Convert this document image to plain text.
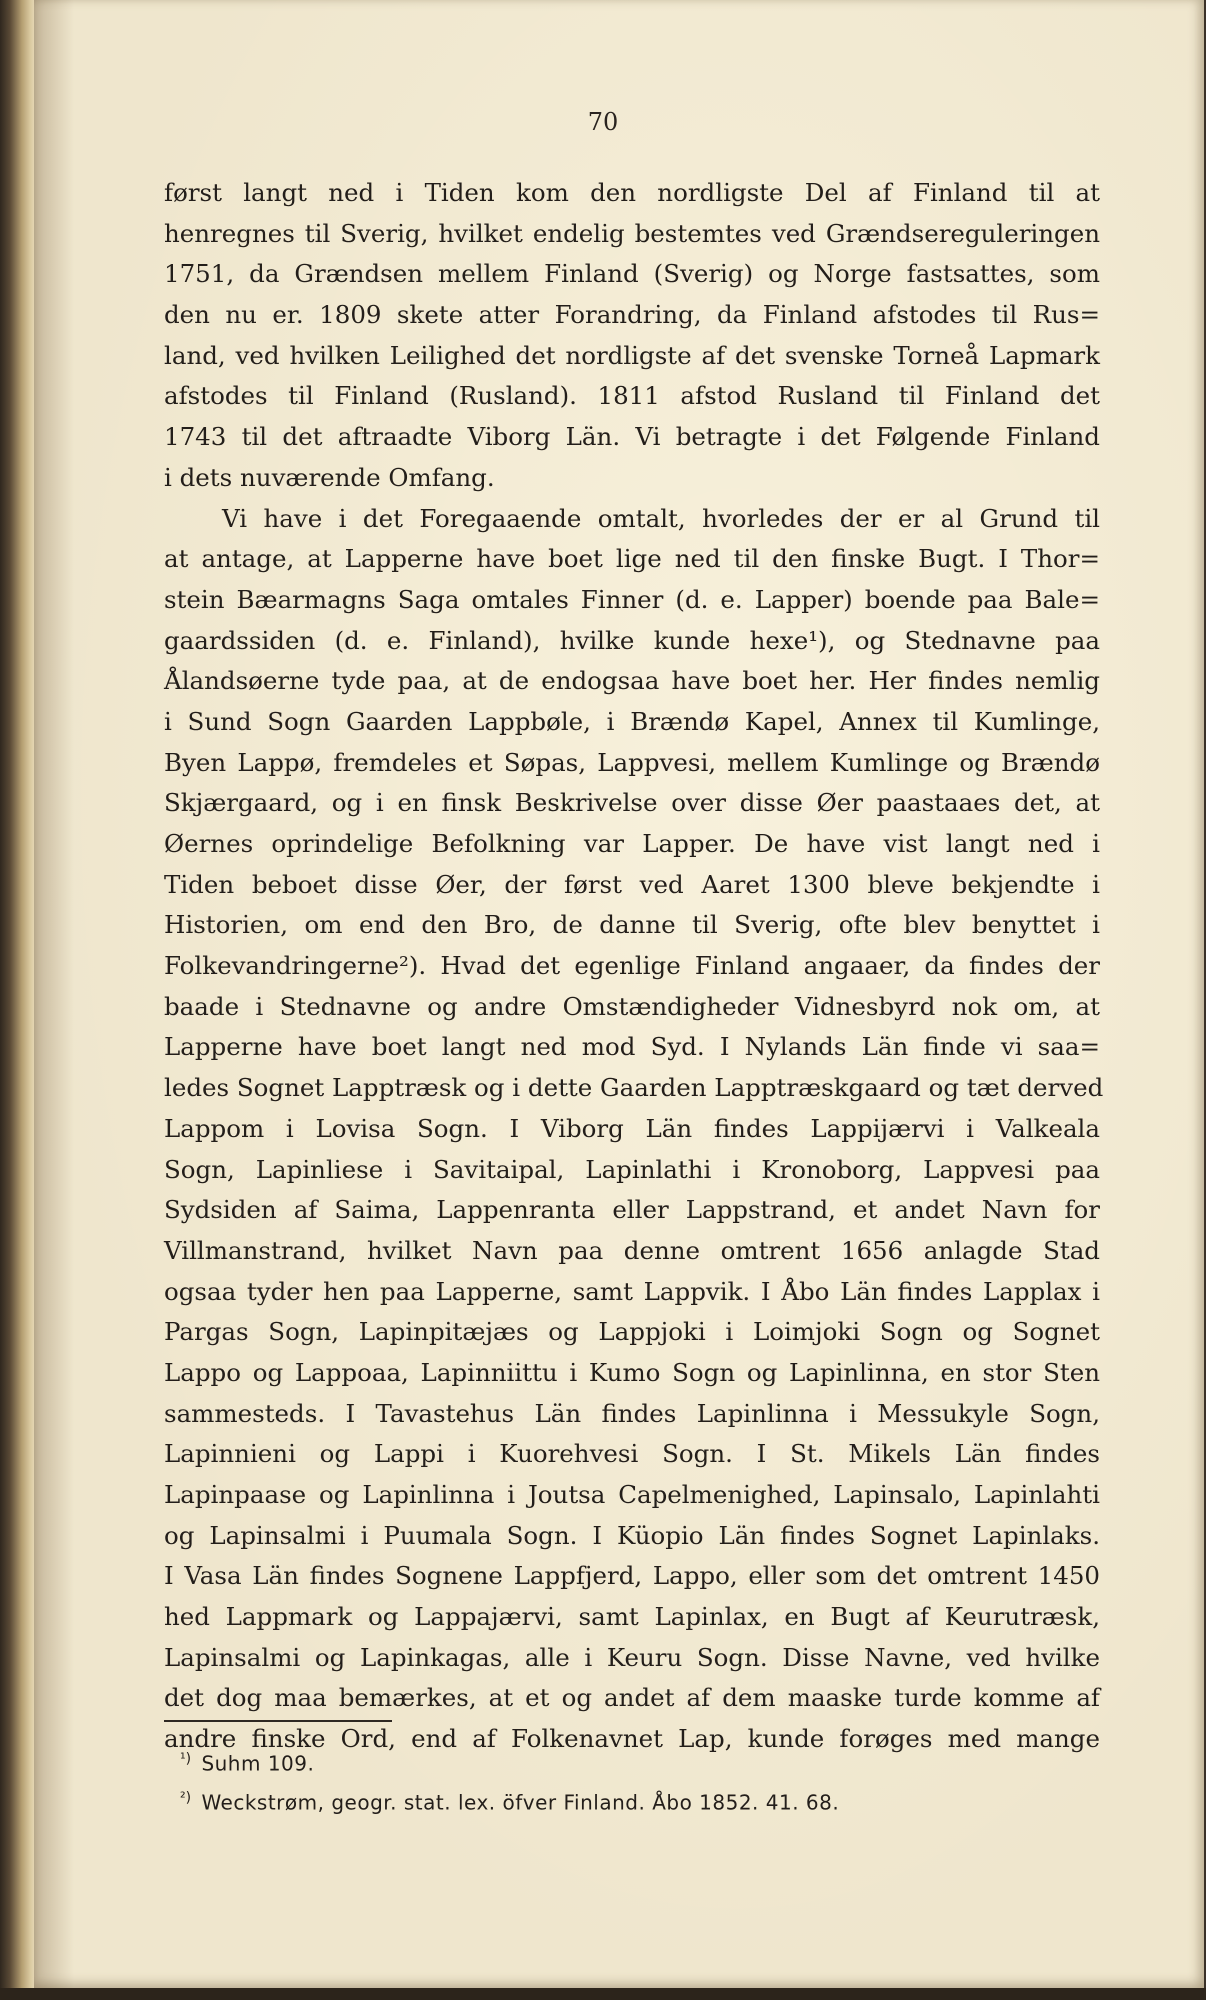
70
først langt ned i Tiden kom den nordligste Del af Finland til at
henregnes til Sverig, hvilket endelig bestemtes ved Grændsereguleringen
1751, da Grændsen mellem Finland (Sverig) og Norge fastsattes, som
den nu er. 1809 skete atter Forandring, da Finland afstodes til Rus=
land, ved hvilken Leilighed det nordligste af det svenske Torneå Lapmark
afstodes til Finland (Rusland). 1811 afstod Rusland til Finland det
1743 til det aftraadte Viborg Län. Vi betragte i det Følgende Finland
i dets nuværende Omfang.
Vi have i det Foregaaende omtalt, hvorledes der er al Grund til
at antage, at Lapperne have boet lige ned til den finske Bugt. I Thor=
stein Bæarmagns Saga omtales Finner (d. e. Lapper) boende paa Bale=
gaardssiden (d. e. Finland), hvilke kunde hexe¹), og Stednavne paa
Ålandsøerne tyde paa, at de endogsaa have boet her. Her findes nemlig
i Sund Sogn Gaarden Lappbøle, i Brændø Kapel, Annex til Kumlinge,
Byen Lappø, fremdeles et Søpas, Lappvesi, mellem Kumlinge og Brændø
Skjærgaard, og i en finsk Beskrivelse over disse Øer paastaaes det, at
Øernes oprindelige Befolkning var Lapper. De have vist langt ned i
Tiden beboet disse Øer, der først ved Aaret 1300 bleve bekjendte i
Historien, om end den Bro, de danne til Sverig, ofte blev benyttet i
Folkevandringerne²). Hvad det egenlige Finland angaaer, da findes der
baade i Stednavne og andre Omstændigheder Vidnesbyrd nok om, at
Lapperne have boet langt ned mod Syd. I Nylands Län finde vi saa=
ledes Sognet Lapptræsk og i dette Gaarden Lapptræskgaard og tæt derved
Lappom i Lovisa Sogn. I Viborg Län findes Lappijærvi i Valkeala
Sogn, Lapinliese i Savitaipal, Lapinlathi i Kronoborg, Lappvesi paa
Sydsiden af Saima, Lappenranta eller Lappstrand, et andet Navn for
Villmanstrand, hvilket Navn paa denne omtrent 1656 anlagde Stad
ogsaa tyder hen paa Lapperne, samt Lappvik. I Åbo Län findes Lapplax i
Pargas Sogn, Lapinpitæjæs og Lappjoki i Loimjoki Sogn og Sognet
Lappo og Lappoaa, Lapinniittu i Kumo Sogn og Lapinlinna, en stor Sten
sammesteds. I Tavastehus Län findes Lapinlinna i Messukyle Sogn,
Lapinnieni og Lappi i Kuorehvesi Sogn. I St. Mikels Län findes
Lapinpaase og Lapinlinna i Joutsa Capelmenighed, Lapinsalo, Lapinlahti
og Lapinsalmi i Puumala Sogn. I Küopio Län findes Sognet Lapinlaks.
I Vasa Län findes Sognene Lappfjerd, Lappo, eller som det omtrent 1450
hed Lappmark og Lappajærvi, samt Lapinlax, en Bugt af Keurutræsk,
Lapinsalmi og Lapinkagas, alle i Keuru Sogn. Disse Navne, ved hvilke
det dog maa bemærkes, at et og andet af dem maaske turde komme af
andre finske Ord, end af Folkenavnet Lap, kunde forøges med mange
$^{^1)}$ Suhm 109.
$^{^2)}$ Weckstrøm, geogr. stat. lex. öfver Finland. Åbo 1852. 41. 68.
